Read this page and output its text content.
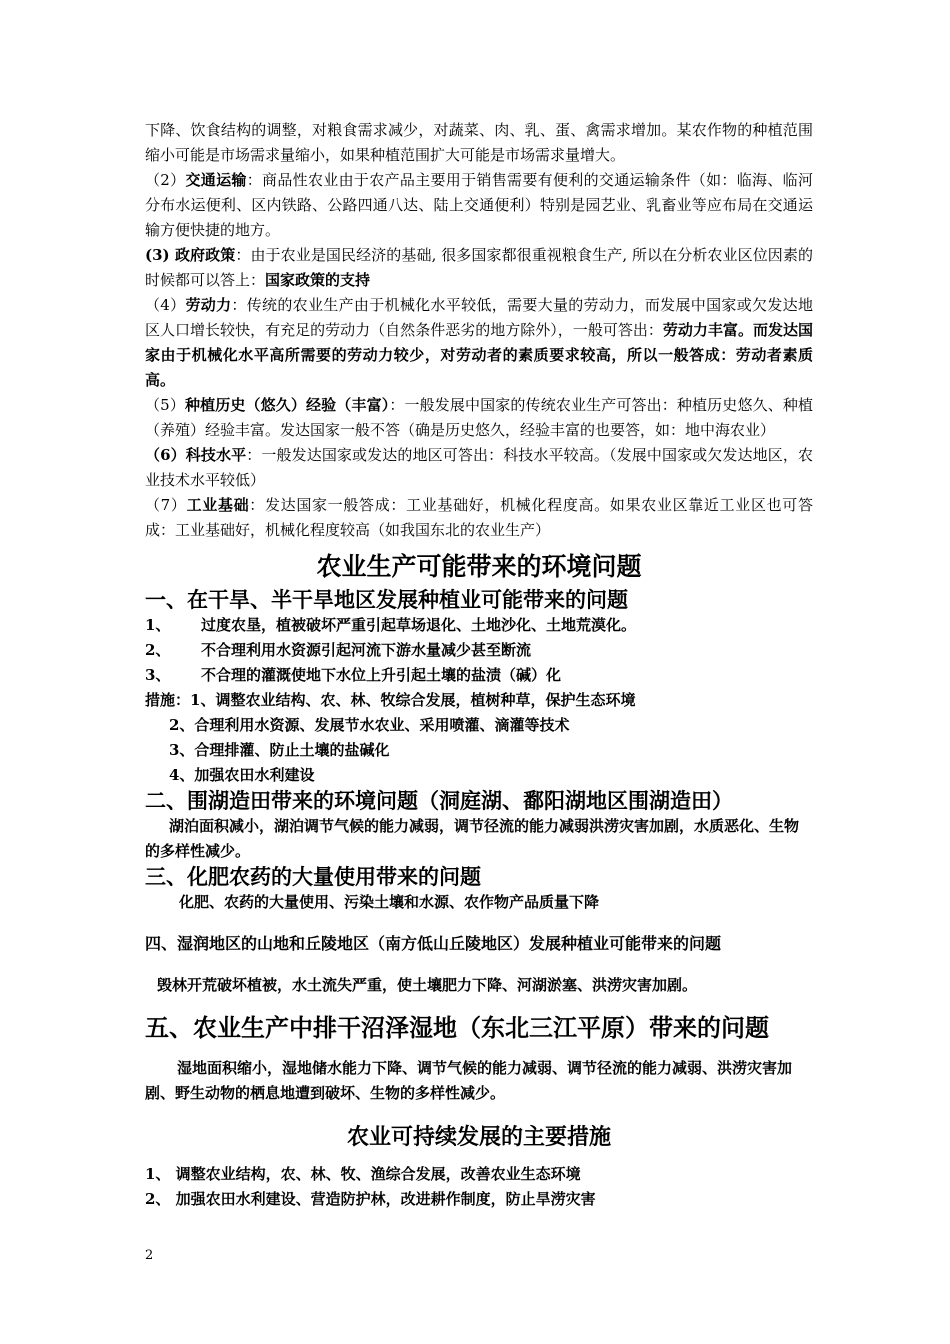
下降、饮食结构的调整，对粮食需求减少，对蔬菜、肉、乳、蛋、禽需求增加。某农作物的种植范围缩小可能是市场需求量缩小，如果种植范围扩大可能是市场需求量增大。

（2）交通运输：商品性农业由于农产品主要用于销售需要有便利的交通运输条件（如：临海、临河分布水运便利、区内铁路、公路四通八达、陆上交通便利）特别是园艺业、乳畜业等应布局在交通运输方便快捷的地方。

(3) 政府政策：由于农业是国民经济的基础, 很多国家都很重视粮食生产, 所以在分析农业区位因素的时候都可以答上：国家政策的支持

（4）劳动力：传统的农业生产由于机械化水平较低，需要大量的劳动力，而发展中国家或欠发达地区人口增长较快，有充足的劳动力（自然条件恶劣的地方除外），一般可答出：劳动力丰富。而发达国家由于机械化水平高所需要的劳动力较少，对劳动者的素质要求较高，所以一般答成：劳动者素质高。

（5）种植历史（悠久）经验（丰富）：一般发展中国家的传统农业生产可答出：种植历史悠久、种植（养殖）经验丰富。发达国家一般不答（确是历史悠久，经验丰富的也要答，如：地中海农业）

（6）科技水平：一般发达国家或发达的地区可答出：科技水平较高。（发展中国家或欠发达地区，农业技术水平较低）

（7）工业基础：发达国家一般答成：工业基础好，机械化程度高。如果农业区靠近工业区也可答成：工业基础好，机械化程度较高（如我国东北的农业生产）

农业生产可能带来的环境问题
一、在干旱、半干旱地区发展种植业可能带来的问题
1、	过度农垦，植被破坏严重引起草场退化、土地沙化、土地荒漠化。
2、	不合理利用水资源引起河流下游水量减少甚至断流
3、	不合理的灌溉使地下水位上升引起土壤的盐渍（碱）化
措施：1、调整农业结构、农、林、牧综合发展，植树种草，保护生态环境
2、合理利用水资源、发展节水农业、采用喷灌、滴灌等技术
3、合理排灌、防止土壤的盐碱化
4、加强农田水利建设
二、围湖造田带来的环境问题（洞庭湖、鄱阳湖地区围湖造田）

湖泊面积减小，湖泊调节气候的能力减弱，调节径流的能力减弱洪涝灾害加剧，水质恶化、生物的多样性减少。

三、化肥农药的大量使用带来的问题

化肥、农药的大量使用、污染土壤和水源、农作物产品质量下降

四、湿润地区的山地和丘陵地区（南方低山丘陵地区）发展种植业可能带来的问题

毁林开荒破坏植被，水土流失严重，使土壤肥力下降、河湖淤塞、洪涝灾害加剧。

五、农业生产中排干沼泽湿地（东北三江平原）带来的问题

湿地面积缩小，湿地储水能力下降、调节气候的能力减弱、调节径流的能力减弱、洪涝灾害加剧、野生动物的栖息地遭到破坏、生物的多样性减少。

农业可持续发展的主要措施
1、 调整农业结构，农、林、牧、渔综合发展，改善农业生态环境
2、 加强农田水利建设、营造防护林，改进耕作制度，防止旱涝灾害
2
